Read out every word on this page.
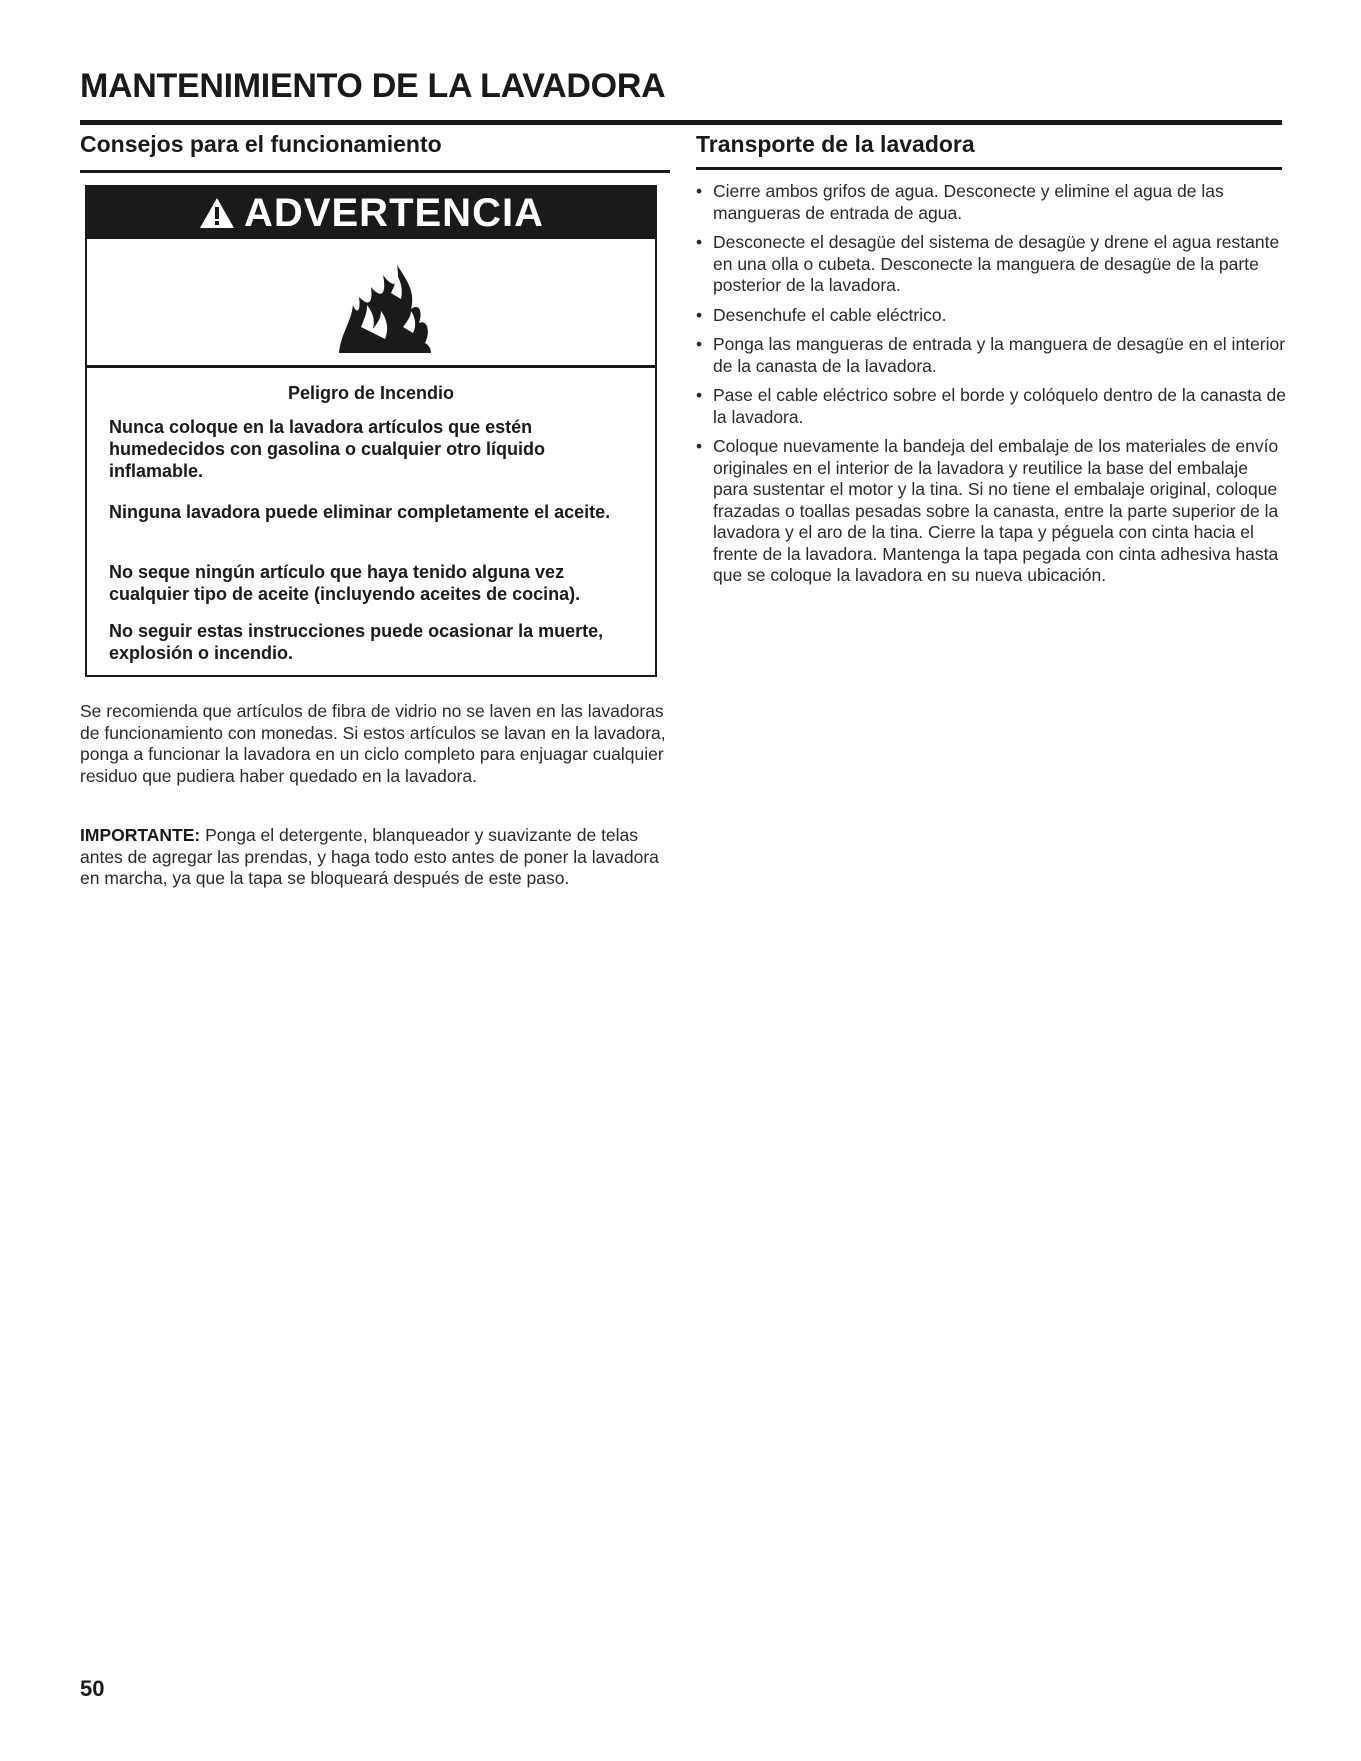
MANTENIMIENTO DE LA LAVADORA
Consejos para el funcionamiento	Transporte de la lavadora
ADVERTENCIA
Peligro de Incendio

Nunca coloque en la lavadora artículos que estén humedecidos con gasolina o cualquier otro líquido inflamable.

Ninguna lavadora puede eliminar completamente el aceite.

No seque ningún artículo que haya tenido alguna vez cualquier tipo de aceite (incluyendo aceites de cocina).

No seguir estas instrucciones puede ocasionar la muerte, explosión o incendio.

Se recomienda que artículos de fibra de vidrio no se laven en las lavadoras de funcionamiento con monedas. Si estos artículos se lavan en la lavadora, ponga a funcionar la lavadora en un ciclo completo para enjuagar cualquier residuo que pudiera haber quedado en la lavadora.

IMPORTANTE: Ponga el detergente, blanqueador y suavizante de telas antes de agregar las prendas, y haga todo esto antes de poner la lavadora en marcha, ya que la tapa se bloqueará después de este paso.

• Cierre ambos grifos de agua. Desconecte y elimine el agua de las mangueras de entrada de agua.
• Desconecte el desagüe del sistema de desagüe y drene el agua restante en una olla o cubeta. Desconecte la manguera de desagüe de la parte posterior de la lavadora.
• Desenchufe el cable eléctrico.
• Ponga las mangueras de entrada y la manguera de desagüe en el interior de la canasta de la lavadora.
• Pase el cable eléctrico sobre el borde y colóquelo dentro de la canasta de la lavadora.
• Coloque nuevamente la bandeja del embalaje de los materiales de envío originales en el interior de la lavadora y reutilice la base del embalaje para sustentar el motor y la tina. Si no tiene el embalaje original, coloque frazadas o toallas pesadas sobre la canasta, entre la parte superior de la lavadora y el aro de la tina. Cierre la tapa y péguela con cinta hacia el frente de la lavadora. Mantenga la tapa pegada con cinta adhesiva hasta que se coloque la lavadora en su nueva ubicación.

50
